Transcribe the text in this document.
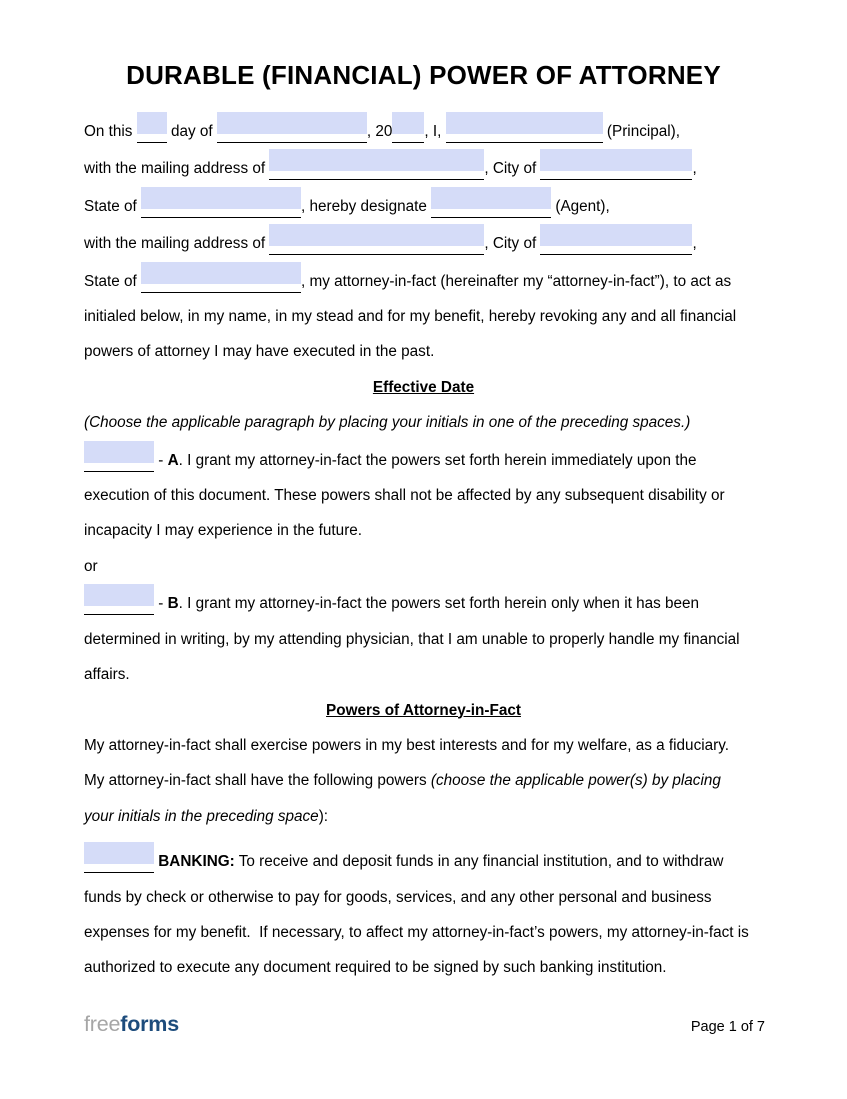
DURABLE (FINANCIAL) POWER OF ATTORNEY
On this  day of	, 20 , I,	(Principal),
with the mailing address of	, City of	,
State of	, hereby designate	(Agent),
with the mailing address of	, City of	,
State of	, my attorney-in-fact (hereinafter my “attorney-in-fact”), to act as
initialed below, in my name, in my stead and for my benefit, hereby revoking any and all financial
powers of attorney I may have executed in the past.
Effective Date
(Choose the applicable paragraph by placing your initials in one of the preceding spaces.)
- A. I grant my attorney-in-fact the powers set forth herein immediately upon the
execution of this document. These powers shall not be affected by any subsequent disability or
incapacity I may experience in the future.
or
- B. I grant my attorney-in-fact the powers set forth herein only when it has been
determined in writing, by my attending physician, that I am unable to properly handle my financial
affairs.
Powers of Attorney-in-Fact
My attorney-in-fact shall exercise powers in my best interests and for my welfare, as a fiduciary.
My attorney-in-fact shall have the following powers (choose the applicable power(s) by placing
your initials in the preceding space):
BANKING: To receive and deposit funds in any financial institution, and to withdraw
funds by check or otherwise to pay for goods, services, and any other personal and business
expenses for my benefit.  If necessary, to affect my attorney-in-fact’s powers, my attorney-in-fact is
authorized to execute any document required to be signed by such banking institution.
freeforms	Page 1 of 7
